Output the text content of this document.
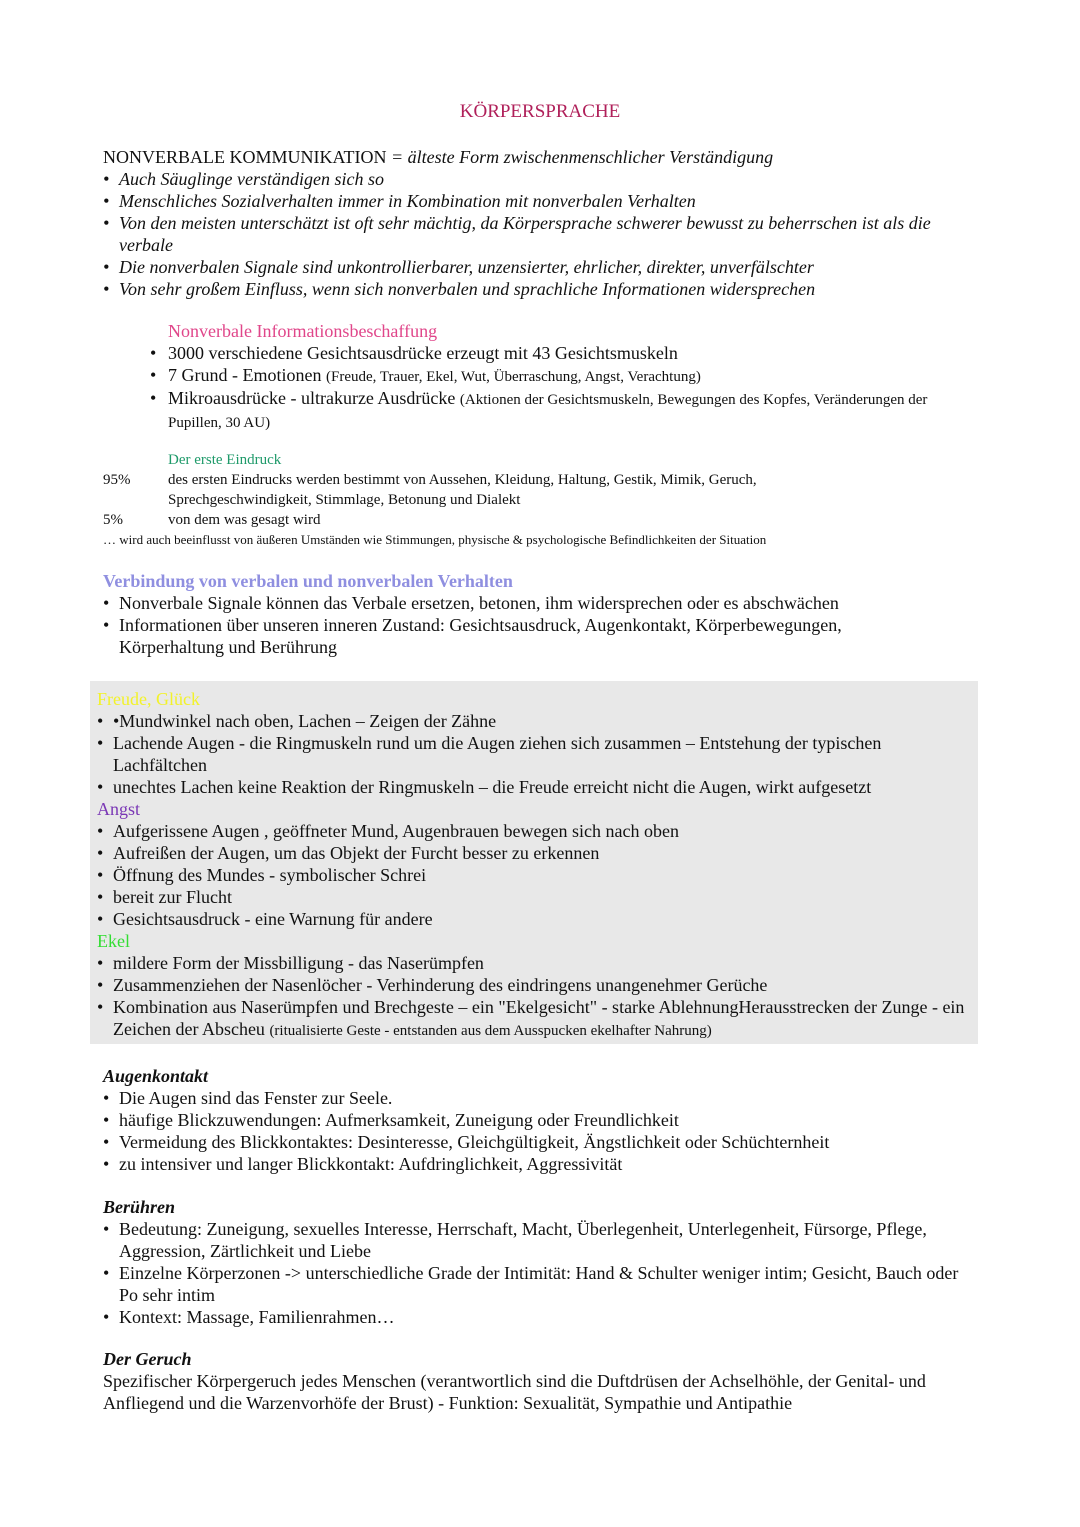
KÖRPERSPRACHE
NONVERBALE KOMMUNIKATION = älteste Form zwischenmenschlicher Verständigung
• Auch Säuglinge verständigen sich so
• Menschliches Sozialverhalten immer in Kombination mit nonverbalen Verhalten
• Von den meisten unterschätzt ist oft sehr mächtig, da Körpersprache schwerer bewusst zu beherrschen ist als die verbale
• Die nonverbalen Signale sind unkontrollierbarer, unzensierter, ehrlicher, direkter, unverfälschter
• Von sehr großem Einfluss, wenn sich nonverbalen und sprachliche Informationen widersprechen
Nonverbale Informationsbeschaffung
• 3000 verschiedene Gesichtsausdrücke erzeugt mit 43 Gesichtsmuskeln
• 7 Grund - Emotionen (Freude, Trauer, Ekel, Wut, Überraschung, Angst, Verachtung)
• Mikroausdrücke - ultrakurze Ausdrücke (Aktionen der Gesichtsmuskeln, Bewegungen des Kopfes, Veränderungen der Pupillen, 30 AU)
Der erste Eindruck
95%	des ersten Eindrucks werden bestimmt von Aussehen, Kleidung, Haltung, Gestik, Mimik, Geruch,
Sprechgeschwindigkeit, Stimmlage, Betonung und Dialekt
5%	von dem was gesagt wird
… wird auch beeinflusst von äußeren Umständen wie Stimmungen, physische & psychologische Befindlichkeiten der Situation
Verbindung von verbalen und nonverbalen Verhalten
• Nonverbale Signale können das Verbale ersetzen, betonen, ihm widersprechen oder es abschwächen
• Informationen über unseren inneren Zustand: Gesichtsausdruck, Augenkontakt, Körperbewegungen, Körperhaltung und Berührung
Freude, Glück
• •Mundwinkel nach oben, Lachen – Zeigen der Zähne
• Lachende Augen - die Ringmuskeln rund um die Augen ziehen sich zusammen – Entstehung der typischen Lachfältchen
• unechtes Lachen keine Reaktion der Ringmuskeln – die Freude erreicht nicht die Augen, wirkt aufgesetzt
Angst
• Aufgerissene Augen , geöffneter Mund, Augenbrauen bewegen sich nach oben
• Aufreißen der Augen, um das Objekt der Furcht besser zu erkennen
• Öffnung des Mundes - symbolischer Schrei
• bereit zur Flucht
• Gesichtsausdruck - eine Warnung für andere
Ekel
• mildere Form der Missbilligung - das Naserümpfen
• Zusammenziehen der Nasenlöcher - Verhinderung des eindringens unangenehmer Gerüche
• Kombination aus Naserümpfen und Brechgeste – ein "Ekelgesicht" - starke AblehnungHerausstrecken der Zunge - ein Zeichen der Abscheu (ritualisierte Geste - entstanden aus dem Ausspucken ekelhafter Nahrung)
Augenkontakt
• Die Augen sind das Fenster zur Seele.
• häufige Blickzuwendungen: Aufmerksamkeit, Zuneigung oder Freundlichkeit
• Vermeidung des Blickkontaktes: Desinteresse, Gleichgültigkeit, Ängstlichkeit oder Schüchternheit
• zu intensiver und langer Blickkontakt: Aufdringlichkeit, Aggressivität
Berühren
• Bedeutung: Zuneigung, sexuelles Interesse, Herrschaft, Macht, Überlegenheit, Unterlegenheit, Fürsorge, Pflege, Aggression, Zärtlichkeit und Liebe
• Einzelne Körperzonen -> unterschiedliche Grade der Intimität: Hand & Schulter weniger intim; Gesicht, Bauch oder Po sehr intim
• Kontext: Massage, Familienrahmen…
Der Geruch
Spezifischer Körpergeruch jedes Menschen (verantwortlich sind die Duftdrüsen der Achselhöhle, der Genital- und Anfliegend und die Warzenvorhöfe der Brust) - Funktion: Sexualität, Sympathie und Antipathie
